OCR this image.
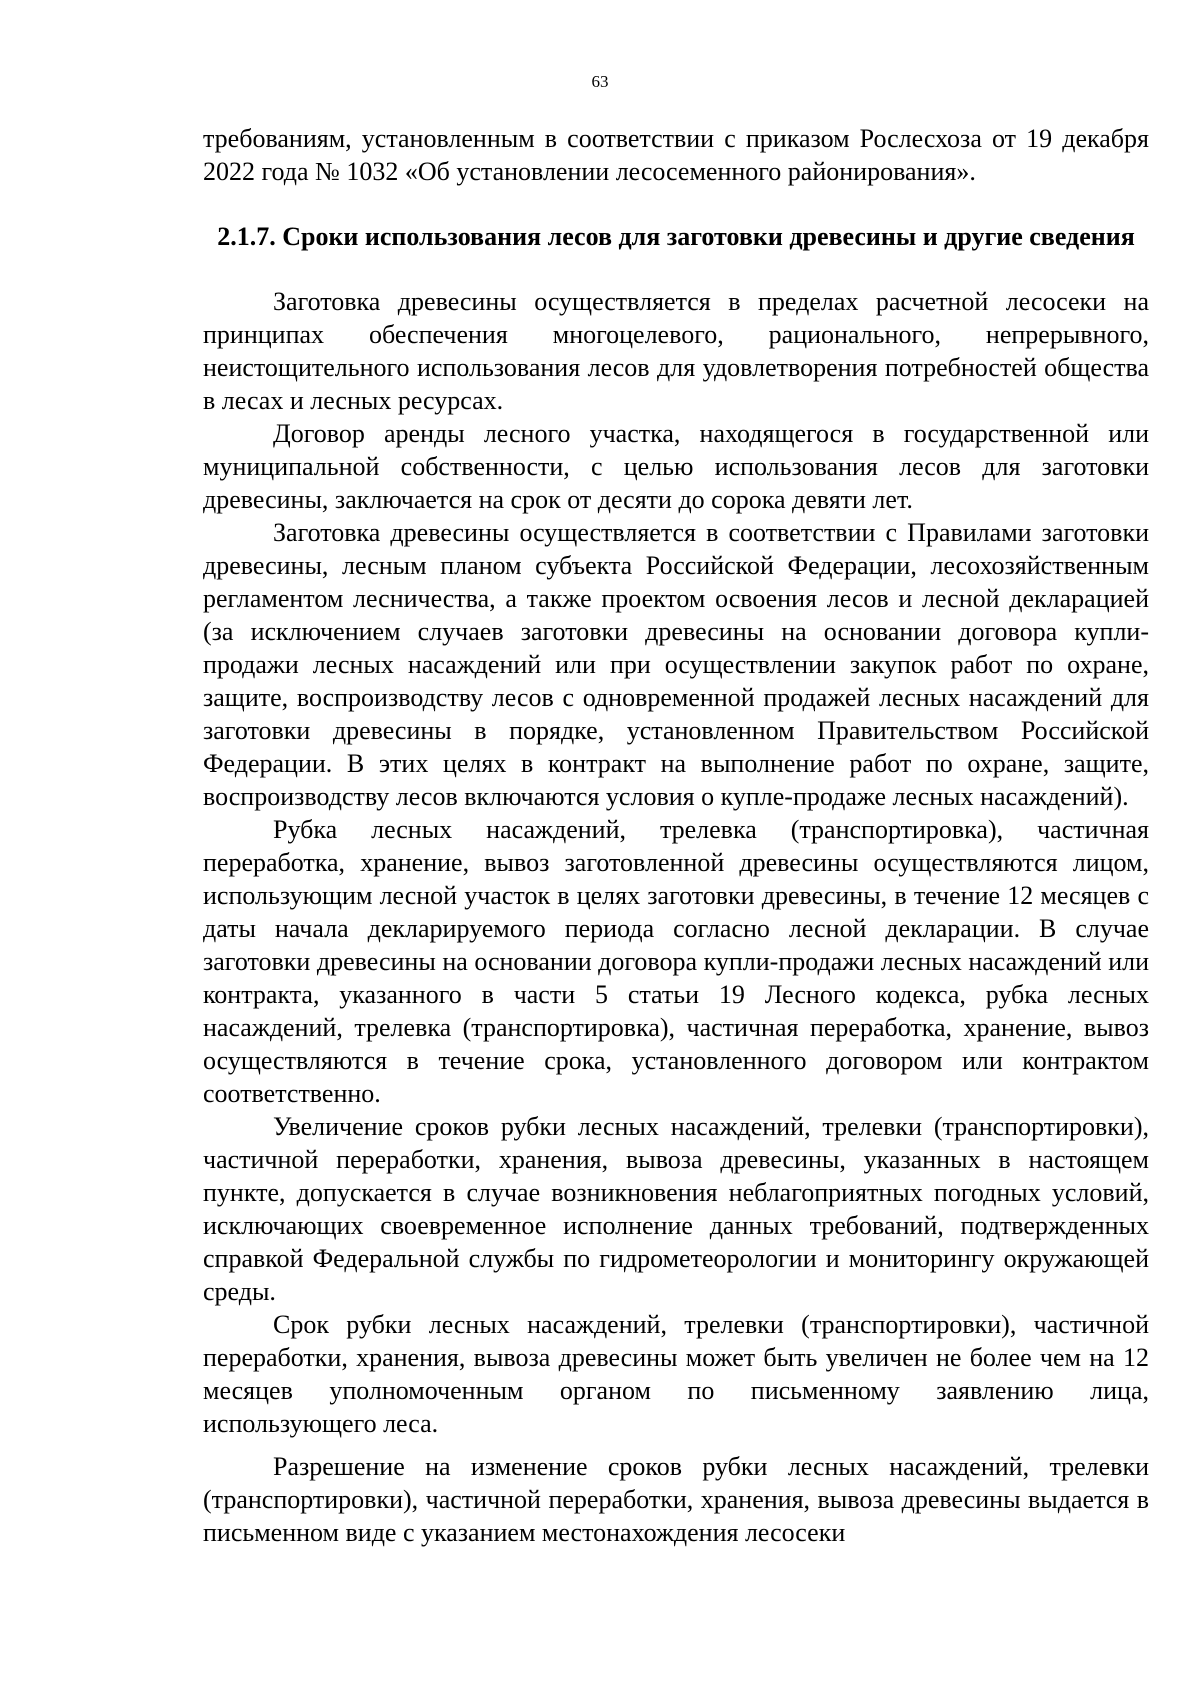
63

требованиям, установленным в соответствии с приказом Рослесхоза от 19 декабря 2022 года № 1032 «Об установлении лесосеменного районирования».

2.1.7. Сроки использования лесов для заготовки древесины и другие сведения

Заготовка древесины осуществляется в пределах расчетной лесосеки на принципах обеспечения многоцелевого, рационального, непрерывного, неистощительного использования лесов для удовлетворения потребностей общества в лесах и лесных ресурсах.

Договор аренды лесного участка, находящегося в государственной или муниципальной собственности, с целью использования лесов для заготовки древесины, заключается на срок от десяти до сорока девяти лет.

Заготовка древесины осуществляется в соответствии с Правилами заготовки древесины, лесным планом субъекта Российской Федерации, лесохозяйственным регламентом лесничества, а также проектом освоения лесов и лесной декларацией (за исключением случаев заготовки древесины на основании договора купли-продажи лесных насаждений или при осуществлении закупок работ по охране, защите, воспроизводству лесов с одновременной продажей лесных насаждений для заготовки древесины в порядке, установленном Правительством Российской Федерации. В этих целях в контракт на выполнение работ по охране, защите, воспроизводству лесов включаются условия о купле-продаже лесных насаждений).

Рубка лесных насаждений, трелевка (транспортировка), частичная переработка, хранение, вывоз заготовленной древесины осуществляются лицом, использующим лесной участок в целях заготовки древесины, в течение 12 месяцев с даты начала декларируемого периода согласно лесной декларации. В случае заготовки древесины на основании договора купли-продажи лесных насаждений или контракта, указанного в части 5 статьи 19 Лесного кодекса, рубка лесных насаждений, трелевка (транспортировка), частичная переработка, хранение, вывоз осуществляются в течение срока, установленного договором или контрактом соответственно.

Увеличение сроков рубки лесных насаждений, трелевки (транспортировки), частичной переработки, хранения, вывоза древесины, указанных в настоящем пункте, допускается в случае возникновения неблагоприятных погодных условий, исключающих своевременное исполнение данных требований, подтвержденных справкой Федеральной службы по гидрометеорологии и мониторингу окружающей среды.

Срок рубки лесных насаждений, трелевки (транспортировки), частичной переработки, хранения, вывоза древесины может быть увеличен не более чем на 12 месяцев уполномоченным органом по письменному заявлению лица, использующего леса.

Разрешение на изменение сроков рубки лесных насаждений, трелевки (транспортировки), частичной переработки, хранения, вывоза древесины выдается в письменном виде с указанием местонахождения лесосеки
